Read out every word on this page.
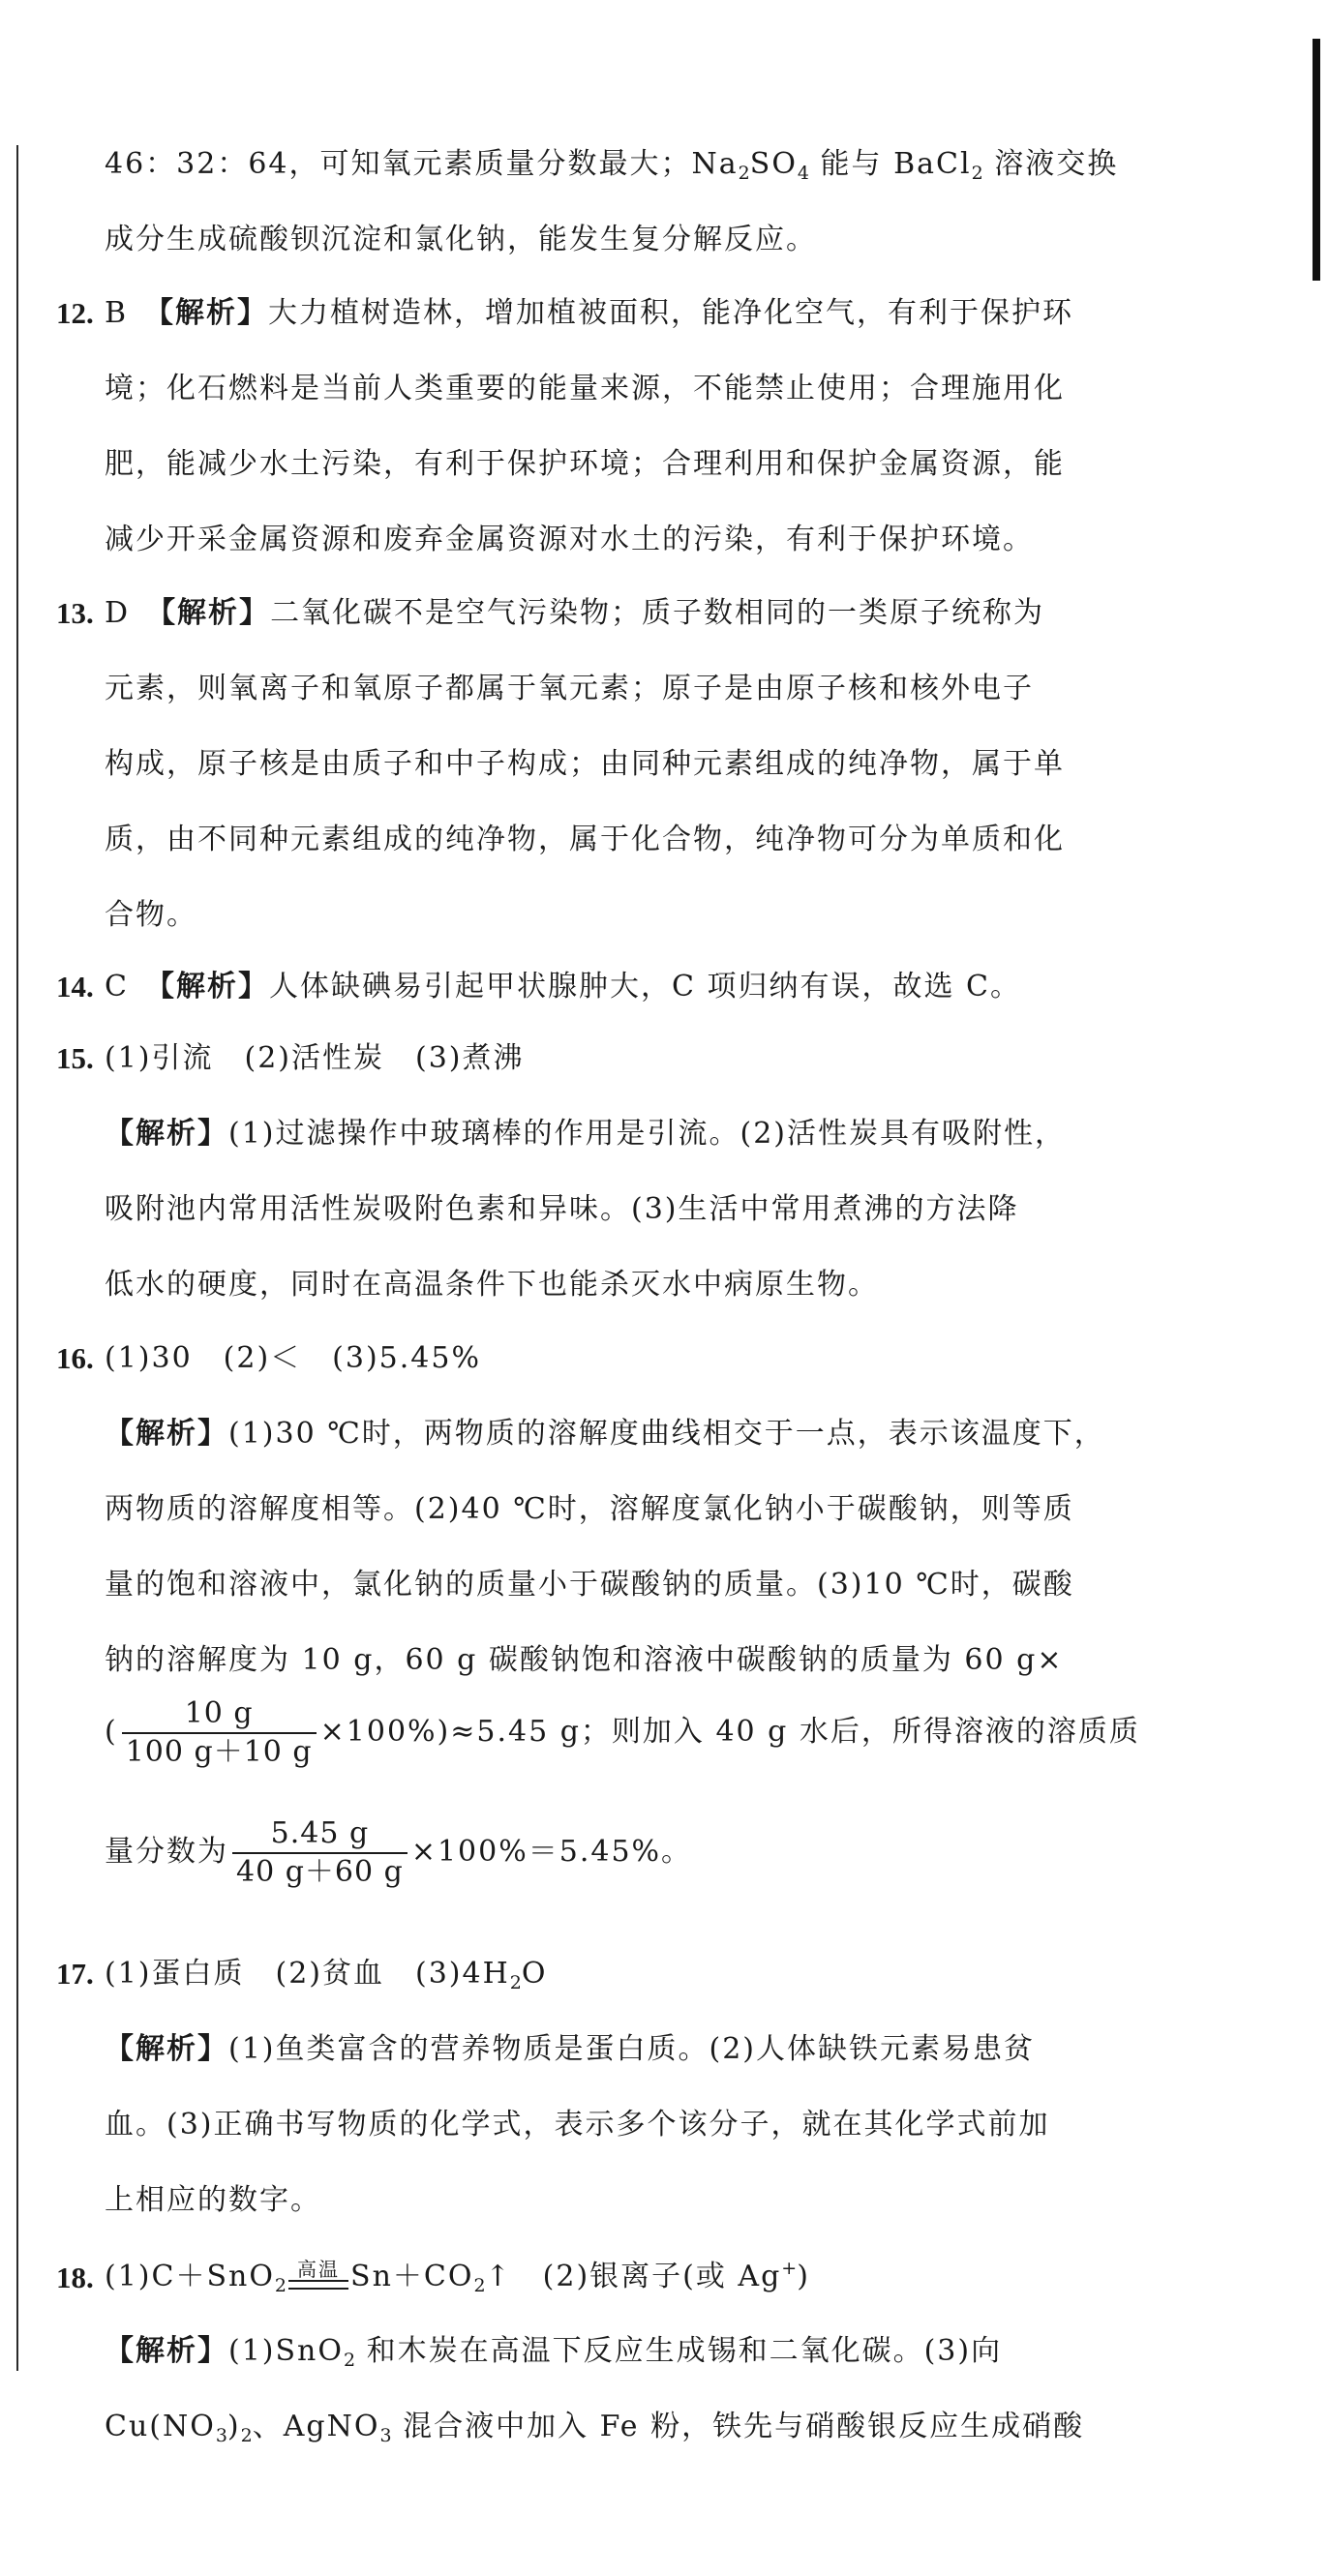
46：32：64，可知氧元素质量分数最大；$Na_2SO_4$ 能与 BaCl$_2$ 溶液交换
成分生成硫酸钡沉淀和氯化钠，能发生复分解反应。
12. B　 【解析】大力植树造林，增加植被面积，能净化空气，有利于保护环
境；化石燃料是当前人类重要的能量来源，不能禁止使用；合理施用化
肥，能减少水土污染，有利于保护环境；合理利用和保护金属资源，能
减少开采金属资源和废弃金属资源对水土的污染，有利于保护环境。
13. D　 【解析】二氧化碳不是空气污染物；质子数相同的一类原子统称为
元素，则氧离子和氧原子都属于氧元素；原子是由原子核和核外电子
构成，原子核是由质子和中子构成；由同种元素组成的纯净物，属于单
质，由不同种元素组成的纯净物，属于化合物，纯净物可分为单质和化
合物。
14. C　 【解析】人体缺碘易引起甲状腺肿大，C 项归纳有误，故选 C。
15. (1)引流　(2)活性炭　(3)煮沸
【解析】(1)过滤操作中玻璃棒的作用是引流。(2)活性炭具有吸附性，
吸附池内常用活性炭吸附色素和异味。(3)生活中常用煮沸的方法降
低水的硬度，同时在高温条件下也能杀灭水中病原生物。
16. (1)30　(2)＜　(3)5.45%
【解析】(1)30 ℃时，两物质的溶解度曲线相交于一点，表示该温度下，
两物质的溶解度相等。(2)40 ℃时，溶解度氯化钠小于碳酸钠，则等质
量的饱和溶液中，氯化钠的质量小于碳酸钠的质量。(3)10 ℃时，碳酸
钠的溶解度为 10 g，60 g 碳酸钠饱和溶液中碳酸钠的质量为 60 g×
( $\frac{10 g}{100 g+10 g} \times 100\%)\approx 5.45$ g；则加入 40 g 水后，所得溶液的溶质质
量分数为 $\frac{5.45 g}{40 g+60 g} \times 100\%=5.45\%$。
17. (1)蛋白质　(2)贫血　$(3)4H_2O$
【解析】(1)鱼类富含的营养物质是蛋白质。(2)人体缺铁元素易患贫
血。(3)正确书写物质的化学式，表示多个该分子，就在其化学式前加
上相应的数字。
18. (1)C＋SnO$_2$
高温 $Sn+CO_2↑$　(2)银离子(或 Ag+)
【解析】(1)SnO$_2$ 和木炭在高温下反应生成锡和二氧化碳。(3)向
$Cu(NO_3)_2$、AgNO$_3$ 混合液中加入 Fe 粉，铁先与硝酸银反应生成硝酸
